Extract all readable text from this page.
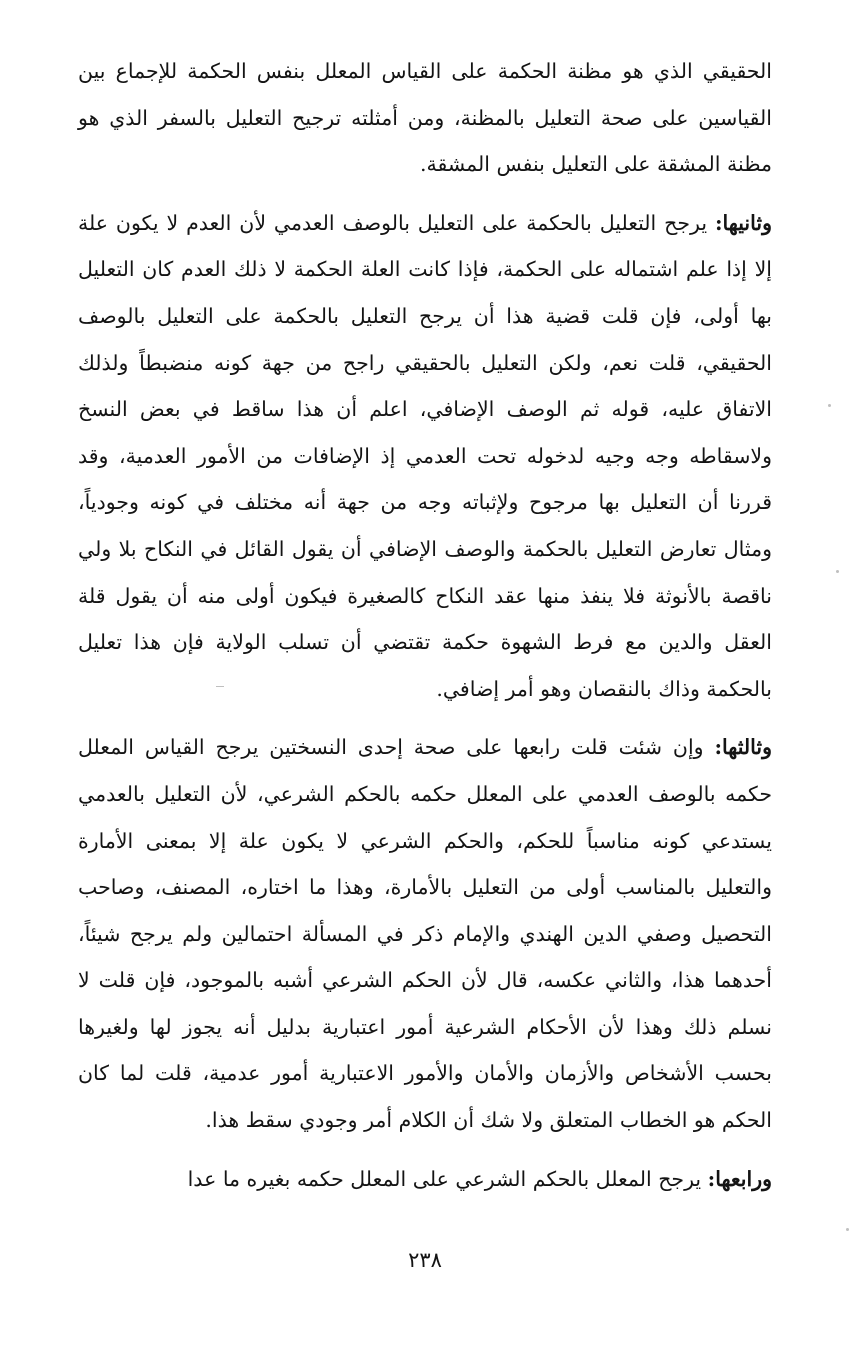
الحقيقي الذي هو مظنة الحكمة على القياس المعلل بنفس الحكمة للإجماع بين القياسين على صحة التعليل بالمظنة، ومن أمثلته ترجيح التعليل بالسفر الذي هو مظنة المشقة على التعليل بنفس المشقة.

وثانيها: يرجح التعليل بالحكمة على التعليل بالوصف العدمي لأن العدم لا يكون علة إلا إذا علم اشتماله على الحكمة، فإذا كانت العلة الحكمة لا ذلك العدم كان التعليل بها أولى، فإن قلت قضية هذا أن يرجح التعليل بالحكمة على التعليل بالوصف الحقيقي، قلت نعم، ولكن التعليل بالحقيقي راجح من جهة كونه منضبطاً ولذلك الاتفاق عليه، قوله ثم الوصف الإضافي، اعلم أن هذا ساقط في بعض النسخ ولاسقاطه وجه وجيه لدخوله تحت العدمي إذ الإضافات من الأمور العدمية، وقد قررنا أن التعليل بها مرجوح ولإثباته وجه من جهة أنه مختلف في كونه وجودياً، ومثال تعارض التعليل بالحكمة والوصف الإضافي أن يقول القائل في النكاح بلا ولي ناقصة بالأنوثة فلا ينفذ منها عقد النكاح كالصغيرة فيكون أولى منه أن يقول قلة العقل والدين مع فرط الشهوة حكمة تقتضي أن تسلب الولاية فإن هذا تعليل بالحكمة وذاك بالنقصان وهو أمر إضافي.

وثالثها: وإن شئت قلت رابعها على صحة إحدى النسختين يرجح القياس المعلل حكمه بالوصف العدمي على المعلل حكمه بالحكم الشرعي، لأن التعليل بالعدمي يستدعي كونه مناسباً للحكم، والحكم الشرعي لا يكون علة إلا بمعنى الأمارة والتعليل بالمناسب أولى من التعليل بالأمارة، وهذا ما اختاره، المصنف، وصاحب التحصيل وصفي الدين الهندي والإمام ذكر في المسألة احتمالين ولم يرجح شيئاً، أحدهما هذا، والثاني عكسه، قال لأن الحكم الشرعي أشبه بالموجود، فإن قلت لا نسلم ذلك وهذا لأن الأحكام الشرعية أمور اعتبارية بدليل أنه يجوز لها ولغيرها بحسب الأشخاص والأزمان والأمان والأمور الاعتبارية أمور عدمية، قلت لما كان الحكم هو الخطاب المتعلق ولا شك أن الكلام أمر وجودي سقط هذا.

ورابعها: يرجح المعلل بالحكم الشرعي على المعلل حكمه بغيره ما عدا

٢٣٨
